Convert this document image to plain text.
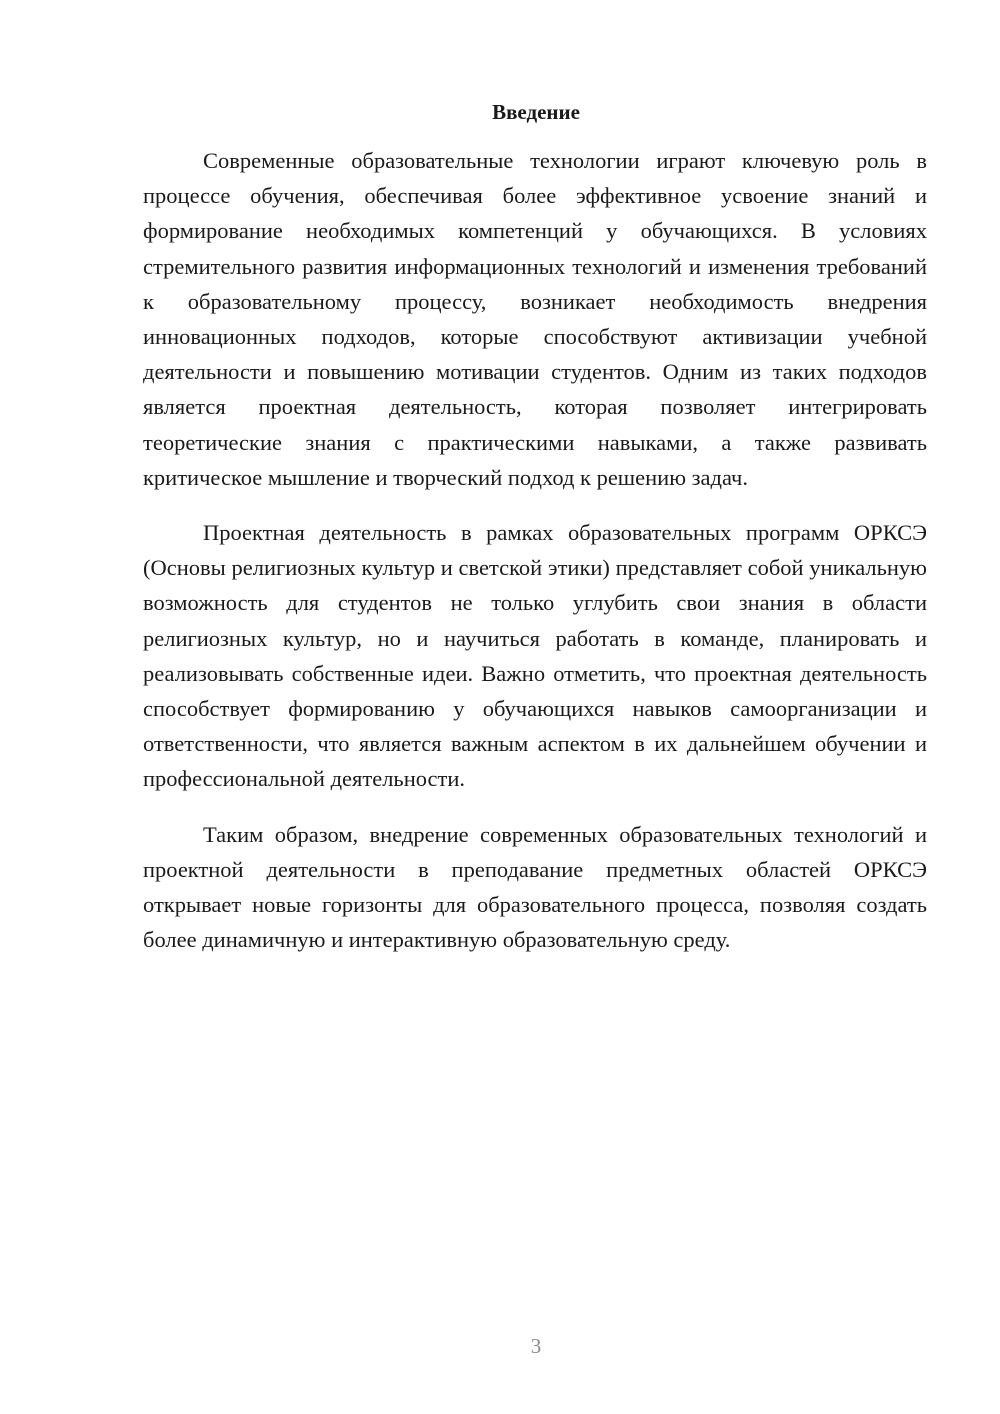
Введение

Современные образовательные технологии играют ключевую роль в процессе обучения, обеспечивая более эффективное усвоение знаний и формирование необходимых компетенций у обучающихся. В условиях стремительного развития информационных технологий и изменения требований к образовательному процессу, возникает необходимость внедрения инновационных подходов, которые способствуют активизации учебной деятельности и повышению мотивации студентов. Одним из таких подходов является проектная деятельность, которая позволяет интегрировать теоретические знания с практическими навыками, а также развивать критическое мышление и творческий подход к решению задач.

Проектная деятельность в рамках образовательных программ ОРКСЭ (Основы религиозных культур и светской этики) представляет собой уникальную возможность для студентов не только углубить свои знания в области религиозных культур, но и научиться работать в команде, планировать и реализовывать собственные идеи. Важно отметить, что проектная деятельность способствует формированию у обучающихся навыков самоорганизации и ответственности, что является важным аспектом в их дальнейшем обучении и профессиональной деятельности.

Таким образом, внедрение современных образовательных технологий и проектной деятельности в преподавание предметных областей ОРКСЭ открывает новые горизонты для образовательного процесса, позволяя создать более динамичную и интерактивную образовательную среду.

3
